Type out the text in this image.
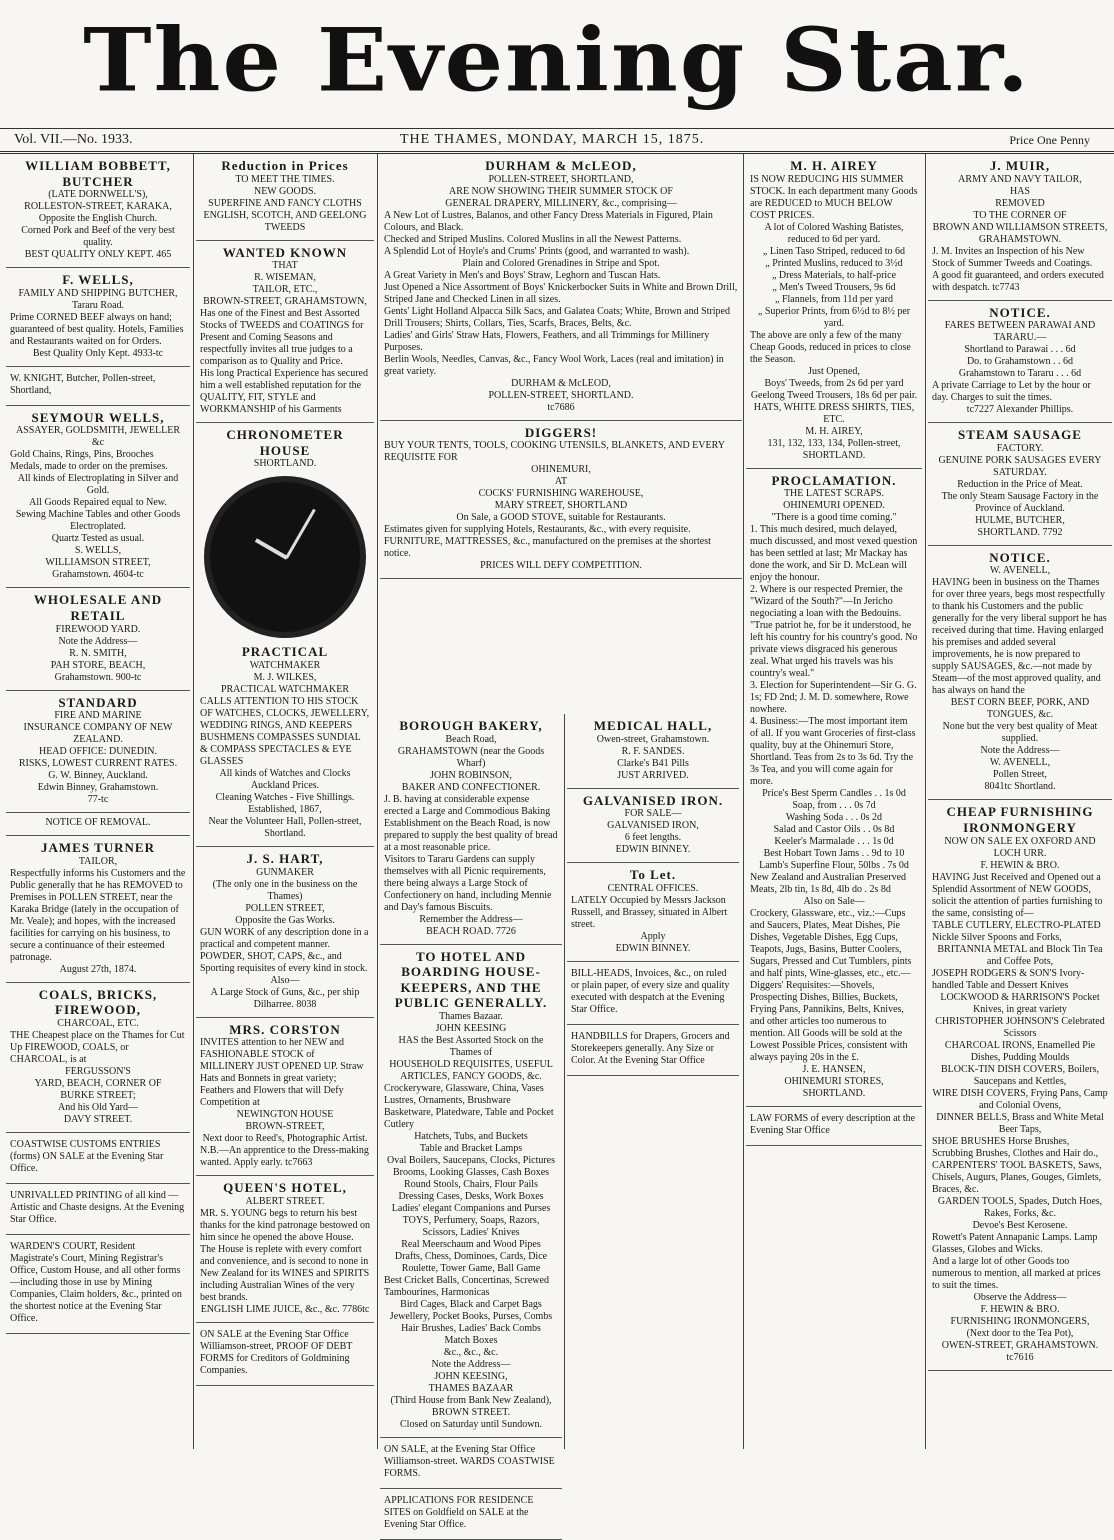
The Evening Star.
Vol. VII.—No. 1933.	THE THAMES, MONDAY, MARCH 15, 1875.	Price One Penny
WILLIAM BOBBETT, BUTCHER
(LATE DORNWELL'S),
ROLLESTON-STREET, KARAKA,
Opposite the English Church.
Corned Pork and Beef of the very best quality.
BEST QUALITY ONLY KEPT. 465
F. WELLS,
FAMILY AND SHIPPING BUTCHER, Tararu Road.
Prime CORNED BEEF always on hand; guaranteed of best quality. Hotels, Families and Restaurants waited on for Orders.
Best Quality Only Kept. 4933-tc

W. KNIGHT, Butcher, Pollen-street, Shortland,

SEYMOUR WELLS,
ASSAYER, GOLDSMITH, JEWELLER &c
Gold Chains, Rings, Pins, Brooches Medals, made to order on the premises.
All kinds of Electroplating in Silver and Gold.
All Goods Repaired equal to New.
Sewing Machine Tables and other Goods Electroplated.
Quartz Tested as usual.
S. WELLS,
WILLIAMSON STREET,
Grahamstown. 4604-tc
WHOLESALE AND RETAIL
FIREWOOD YARD.
Note the Address—
R. N. SMITH,
PAH STORE, BEACH,
Grahamstown. 900-tc
STANDARD
FIRE AND MARINE
INSURANCE COMPANY OF NEW
ZEALAND.
HEAD OFFICE: DUNEDIN.
RISKS, LOWEST CURRENT RATES.
G. W. Binney, Auckland.
Edwin Binney, Grahamstown.
77-tc
NOTICE OF REMOVAL.
JAMES TURNER
TAILOR,
Respectfully informs his Customers and the Public generally that he has REMOVED to Premises in POLLEN STREET, near the Karaka Bridge (lately in the occupation of Mr. Veale); and hopes, with the increased facilities for carrying on his business, to secure a continuance of their esteemed patronage.
August 27th, 1874.
COALS, BRICKS, FIREWOOD,
CHARCOAL, ETC.
THE Cheapest place on the Thames for Cut Up FIREWOOD, COALS, or CHARCOAL, is at
FERGUSSON'S
YARD, BEACH, CORNER OF
BURKE STREET;
And his Old Yard—
DAVY STREET.

COASTWISE CUSTOMS ENTRIES (forms) ON SALE at the Evening Star Office.

UNRIVALLED PRINTING of all kind —Artistic and Chaste designs. At the Evening Star Office.

WARDEN'S COURT, Resident Magistrate's Court, Mining Registrar's Office, Custom House, and all other forms—including those in use by Mining Companies, Claim holders, &c., printed on the shortest notice at the Evening Star Office.

Reduction in Prices
TO MEET THE TIMES.
NEW GOODS.
SUPERFINE AND FANCY CLOTHS
ENGLISH, SCOTCH, AND GEELONG TWEEDS
WANTED KNOWN
THAT
R. WISEMAN,
TAILOR, ETC.,
BROWN-STREET, GRAHAMSTOWN,
Has one of the Finest and Best Assorted Stocks of TWEEDS and COATINGS for Present and Coming Seasons and respectfully invites all true judges to a comparison as to Quality and Price.
His long Practical Experience has secured him a well established reputation for the QUALITY, FIT, STYLE and WORKMANSHIP of his Garments
CHRONOMETER HOUSE
SHORTLAND.
PRACTICAL
WATCHMAKER
M. J. WILKES,
PRACTICAL WATCHMAKER
CALLS ATTENTION TO HIS STOCK OF WATCHES, CLOCKS, JEWELLERY, WEDDING RINGS, AND KEEPERS
BUSHMENS COMPASSES SUNDIAL & COMPASS SPECTACLES & EYE GLASSES
All kinds of Watches and Clocks Auckland Prices.
Cleaning Watches - Five Shillings.
Established, 1867,
Near the Volunteer Hall, Pollen-street, Shortland.
J. S. HART,
GUNMAKER
(The only one in the business on the Thames)
POLLEN STREET,
Opposite the Gas Works.
GUN WORK of any description done in a practical and competent manner.
POWDER, SHOT, CAPS, &c., and Sporting requisites of every kind in stock.
Also—
A Large Stock of Guns, &c., per ship Dilharree. 8038
MRS. CORSTON
INVITES attention to her NEW and FASHIONABLE STOCK of MILLINERY JUST OPENED UP. Straw Hats and Bonnets in great variety; Feathers and Flowers that will Defy Competition at
NEWINGTON HOUSE
BROWN-STREET,
Next door to Reed's, Photographic Artist.
N.B.—An apprentice to the Dress-making wanted. Apply early. tc7663
QUEEN'S HOTEL,
ALBERT STREET.
MR. S. YOUNG begs to return his best thanks for the kind patronage bestowed on him since he opened the above House.
The House is replete with every comfort and convenience, and is second to none in New Zealand for its WINES and SPIRITS including Australian Wines of the very best brands.
ENGLISH LIME JUICE, &c., &c. 7786tc

ON SALE at the Evening Star Office Williamson-street, PROOF OF DEBT FORMS for Creditors of Goldmining Companies.

DURHAM & McLEOD,
POLLEN-STREET, SHORTLAND,
ARE NOW SHOWING THEIR SUMMER STOCK OF
GENERAL DRAPERY, MILLINERY, &c., comprising—
A New Lot of Lustres, Balanos, and other Fancy Dress Materials in Figured, Plain Colours, and Black.
Checked and Striped Muslins. Colored Muslins in all the Newest Patterns.
A Splendid Lot of Hoyle's and Crums' Prints (good, and warranted to wash).
Plain and Colored Grenadines in Stripe and Spot.
A Great Variety in Men's and Boys' Straw, Leghorn and Tuscan Hats.
Just Opened a Nice Assortment of Boys' Knickerbocker Suits in White and Brown Drill, Striped Jane and Checked Linen in all sizes.
Gents' Light Holland Alpacca Silk Sacs, and Galatea Coats; White, Brown and Striped Drill Trousers; Shirts, Collars, Ties, Scarfs, Braces, Belts, &c.
Ladies' and Girls' Straw Hats, Flowers, Feathers, and all Trimmings for Millinery Purposes.
Berlin Wools, Needles, Canvas, &c., Fancy Wool Work, Laces (real and imitation) in great variety.
DURHAM & McLEOD,
POLLEN-STREET, SHORTLAND.
tc7686
DIGGERS!
BUY YOUR TENTS, TOOLS, COOKING UTENSILS, BLANKETS, AND EVERY REQUISITE FOR
OHINEMURI,
AT
COCKS' FURNISHING WAREHOUSE,
MARY STREET, SHORTLAND
On Sale, a GOOD STOVE, suitable for Restaurants.
Estimates given for supplying Hotels, Restaurants, &c., with every requisite. FURNITURE, MATTRESSES, &c., manufactured on the premises at the shortest notice.
PRICES WILL DEFY COMPETITION.
BOROUGH BAKERY,
Beach Road,
GRAHAMSTOWN (near the Goods Wharf)
JOHN ROBINSON,
BAKER AND CONFECTIONER.
J. B. having at considerable expense erected a Large and Commodious Baking Establishment on the Beach Road, is now prepared to supply the best quality of bread at a most reasonable price.
Visitors to Tararu Gardens can supply themselves with all Picnic requirements, there being always a Large Stock of Confectionery on hand, including Mennie and Day's famous Biscuits.
Remember the Address—
BEACH ROAD. 7726
TO HOTEL AND BOARDING HOUSE-KEEPERS, AND THE PUBLIC GENERALLY.
Thames Bazaar.
JOHN KEESING
HAS the Best Assorted Stock on the Thames of
HOUSEHOLD REQUISITES, USEFUL ARTICLES, FANCY GOODS, &c.
Crockeryware, Glassware, China, Vases Lustres, Ornaments, Brushware Basketware, Platedware, Table and Pocket Cutlery
Hatchets, Tubs, and Buckets
Table and Bracket Lamps
Oval Boilers, Saucepans, Clocks, Pictures
Brooms, Looking Glasses, Cash Boxes
Round Stools, Chairs, Flour Pails
Dressing Cases, Desks, Work Boxes
Ladies' elegant Companions and Purses
TOYS, Perfumery, Soaps, Razors, Scissors, Ladies' Knives
Real Meerschaum and Wood Pipes
Drafts, Chess, Dominoes, Cards, Dice
Roulette, Tower Game, Ball Game
Best Cricket Balls, Concertinas, Screwed Tambourines, Harmonicas
Bird Cages, Black and Carpet Bags
Jewellery, Pocket Books, Purses, Combs
Hair Brushes, Ladies' Back Combs
Match Boxes
&c., &c., &c.
Note the Address—
JOHN KEESING,
THAMES BAZAAR
(Third House from Bank New Zealand),
BROWN STREET.
Closed on Saturday until Sundown.

ON SALE, at the Evening Star Office Williamson-street. WARDS COASTWISE FORMS.

APPLICATIONS FOR RESIDENCE SITES on Goldfield on SALE at the Evening Star Office.

MEDICAL HALL,
Owen-street, Grahamstown.
R. F. SANDES.
Clarke's B41 Pills
JUST ARRIVED.
GALVANISED IRON.
FOR SALE—
GALVANISED IRON,
6 feet lengths.
EDWIN BINNEY.
To Let.
CENTRAL OFFICES.
LATELY Occupied by Messrs Jackson Russell, and Brassey, situated in Albert street.
Apply
EDWIN BINNEY.

BILL-HEADS, Invoices, &c., on ruled or plain paper, of every size and quality executed with despatch at the Evening Star Office.

HANDBILLS for Drapers, Grocers and Storekeepers generally. Any Size or Color. At the Evening Star Office

M. H. AIREY
IS NOW REDUCING HIS SUMMER STOCK. In each department many Goods are REDUCED to MUCH BELOW COST PRICES.
A lot of Colored Washing Batistes, reduced to 6d per yard.
„ Linen Taso Striped, reduced to 6d
„ Printed Muslins, reduced to 3½d
„ Dress Materials, to half-price
„ Men's Tweed Trousers, 9s 6d
„ Flannels, from 11d per yard
„ Superior Prints, from 6½d to 8½ per yard.
The above are only a few of the many Cheap Goods, reduced in prices to close the Season.
Just Opened,
Boys' Tweeds, from 2s 6d per yard
Geelong Tweed Trousers, 18s 6d per pair.
HATS, WHITE DRESS SHIRTS, TIES, ETC.
M. H. AIREY,
131, 132, 133, 134, Pollen-street,
SHORTLAND.
PROCLAMATION.
THE LATEST SCRAPS.
OHINEMURI OPENED.
"There is a good time coming."
1. This much desired, much delayed, much discussed, and most vexed question has been settled at last; Mr Mackay has done the work, and Sir D. McLean will enjoy the honour.
2. Where is our respected Premier, the "Wizard of the South?"—In Jericho negociating a loan with the Bedouins. "True patriot he, for be it understood, he left his country for his country's good. No private views disgraced his generous zeal. What urged his travels was his country's weal."
3. Election for Superintendent—Sir G. G. 1s; FD 2nd; J. M. D. somewhere, Rowe nowhere.
4. Business:—The most important item of all. If you want Groceries of first-class quality, buy at the Ohinemuri Store, Shortland. Teas from 2s to 3s 6d. Try the 3s Tea, and you will come again for more.
Price's Best Sperm Candles . . 1s 0d
Soap, from . . . 0s 7d
Washing Soda . . . 0s 2d
Salad and Castor Oils . . 0s 8d
Keeler's Marmalade . . . 1s 0d
Best Hobart Town Jams . . 9d to 10
Lamb's Superfine Flour, 50lbs . 7s 0d
New Zealand and Australian Preserved Meats, 2lb tin, 1s 8d, 4lb do . 2s 8d
Also on Sale—
Crockery, Glassware, etc., viz.:—Cups and Saucers, Plates, Meat Dishes, Pie Dishes, Vegetable Dishes, Egg Cups, Teapots, Jugs, Basins, Butter Coolers, Sugars, Pressed and Cut Tumblers, pints and half pints, Wine-glasses, etc., etc.—Diggers' Requisites:—Shovels, Prospecting Dishes, Billies, Buckets, Frying Pans, Pannikins, Belts, Knives, and other articles too numerous to mention. All Goods will be sold at the Lowest Possible Prices, consistent with always paying 20s in the £.
J. E. HANSEN,
OHINEMURI STORES,
SHORTLAND.

LAW FORMS of every description at the Evening Star Office

J. MUIR,
ARMY AND NAVY TAILOR,
HAS
REMOVED
TO THE CORNER OF
BROWN AND WILLIAMSON STREETS, GRAHAMSTOWN.
J. M. Invites an Inspection of his New Stock of Summer Tweeds and Coatings.
A good fit guaranteed, and orders executed with despatch. tc7743
NOTICE.
FARES BETWEEN PARAWAI AND TARARU.—
Shortland to Parawai . . . 6d
Do. to Grahamstown . . 6d
Grahamstown to Tararu . . . 6d
A private Carriage to Let by the hour or day. Charges to suit the times.
tc7227 Alexander Phillips.
STEAM SAUSAGE
FACTORY.
GENUINE PORK SAUSAGES EVERY SATURDAY.
Reduction in the Price of Meat.
The only Steam Sausage Factory in the Province of Auckland.
HULME, BUTCHER,
SHORTLAND. 7792
NOTICE.
W. AVENELL,
HAVING been in business on the Thames for over three years, begs most respectfully to thank his Customers and the public generally for the very liberal support he has received during that time. Having enlarged his premises and added several improvements, he is now prepared to supply SAUSAGES, &c.—not made by Steam—of the most approved quality, and has always on hand the
BEST CORN BEEF, PORK, AND TONGUES, &c.
None but the very best quality of Meat supplied.
Note the Address—
W. AVENELL,
Pollen Street,
8041tc Shortland.
CHEAP FURNISHING IRONMONGERY
NOW ON SALE EX OXFORD AND LOCH URR.
F. HEWIN & BRO.
HAVING Just Received and Opened out a Splendid Assortment of NEW GOODS, solicit the attention of parties furnishing to the same, consisting of—
TABLE CUTLERY, ELECTRO-PLATED Nickle Silver Spoons and Forks,
BRITANNIA METAL and Block Tin Tea and Coffee Pots,
JOSEPH RODGERS & SON'S Ivory-handled Table and Dessert Knives
LOCKWOOD & HARRISON'S Pocket Knives, in great variety
CHRISTOPHER JOHNSON'S Celebrated Scissors
CHARCOAL IRONS, Enamelled Pie Dishes, Pudding Moulds
BLOCK-TIN DISH COVERS, Boilers, Saucepans and Kettles,
WIRE DISH COVERS, Frying Pans, Camp and Colonial Ovens,
DINNER BELLS, Brass and White Metal Beer Taps,
SHOE BRUSHES Horse Brushes, Scrubbing Brushes, Clothes and Hair do.,
CARPENTERS' TOOL BASKETS, Saws, Chisels, Augurs, Planes, Gouges, Gimlets, Braces, &c.
GARDEN TOOLS, Spades, Dutch Hoes, Rakes, Forks, &c.
Devoe's Best Kerosene.
Rowett's Patent Annapanic Lamps. Lamp Glasses, Globes and Wicks.
And a large lot of other Goods too numerous to mention, all marked at prices to suit the times.
Observe the Address—
F. HEWIN & BRO.
FURNISHING IRONMONGERS,
(Next door to the Tea Pot),
OWEN-STREET, GRAHAMSTOWN.
tc7616
